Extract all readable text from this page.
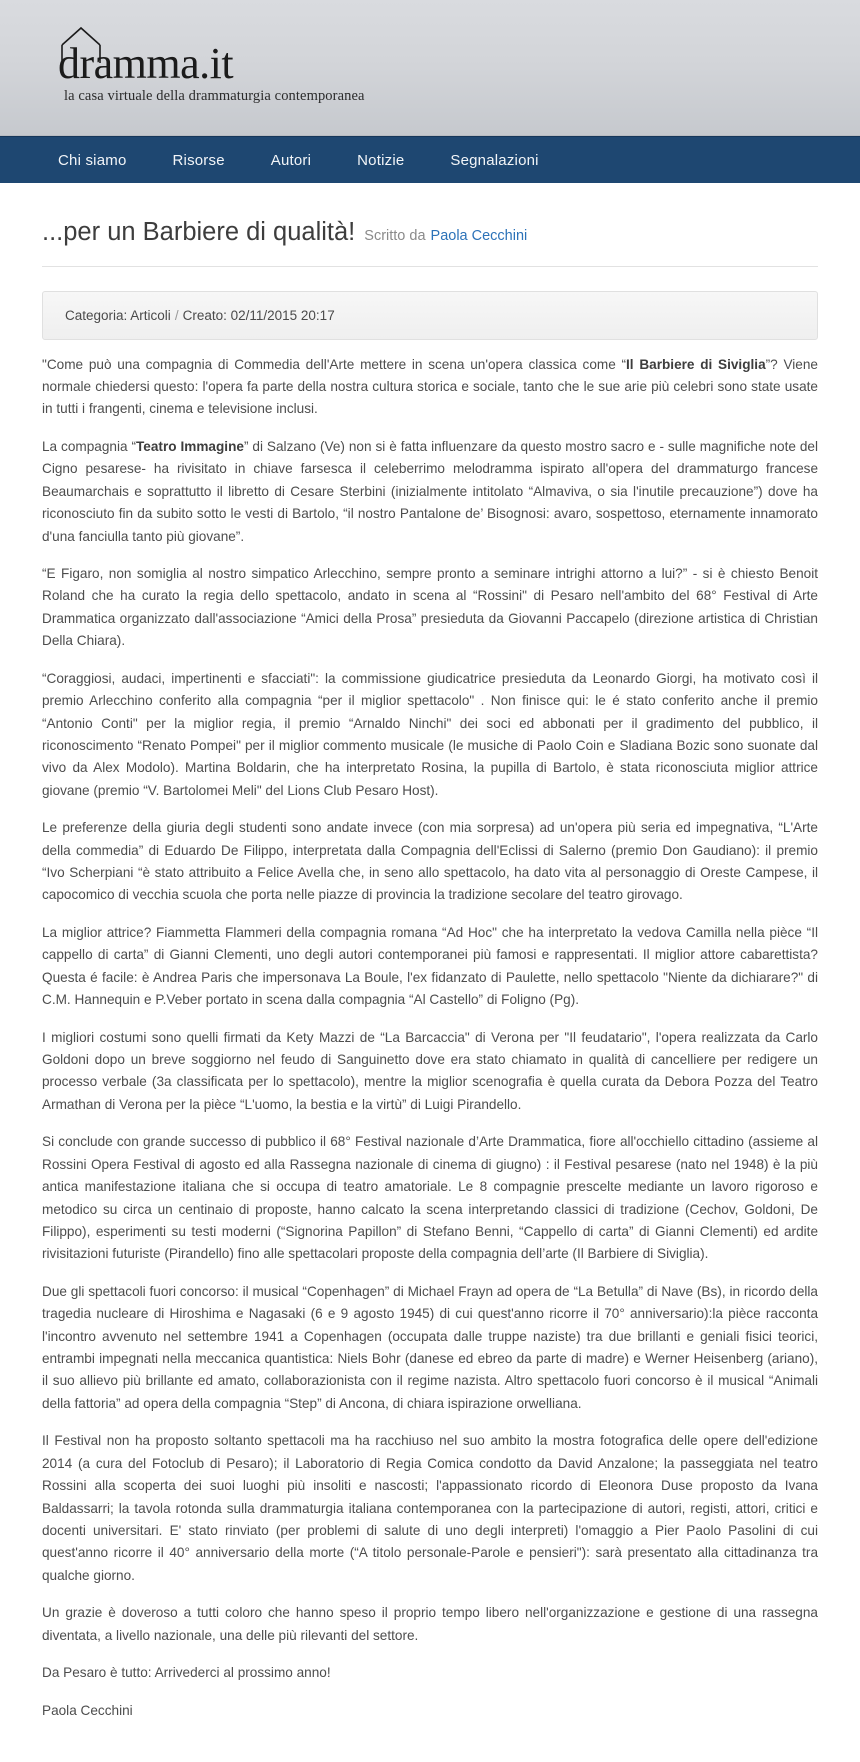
dramma.it
la casa virtuale della drammaturgia contemporanea
Chi siamo	Risorse	Autori	Notizie	Segnalazioni
...per un Barbiere di qualità! Scritto da Paola Cecchini
Categoria: Articoli / Creato: 02/11/2015 20:17

"Come può una compagnia di Commedia dell'Arte mettere in scena un'opera classica come “Il Barbiere di Siviglia”? Viene normale chiedersi questo: l'opera fa parte della nostra cultura storica e sociale, tanto che le sue arie più celebri sono state usate in tutti i frangenti, cinema e televisione inclusi.

La compagnia “Teatro Immagine” di Salzano (Ve) non si è fatta influenzare da questo mostro sacro e - sulle magnifiche note del Cigno pesarese- ha rivisitato in chiave farsesca il celeberrimo melodramma ispirato all'opera del drammaturgo francese Beaumarchais e soprattutto il libretto di Cesare Sterbini (inizialmente intitolato “Almaviva, o sia l'inutile precauzione”) dove ha riconosciuto fin da subito sotto le vesti di Bartolo, “il nostro Pantalone de’ Bisognosi: avaro, sospettoso, eternamente innamorato d'una fanciulla tanto più giovane”.

“E Figaro, non somiglia al nostro simpatico Arlecchino, sempre pronto a seminare intrighi attorno a lui?” - si è chiesto Benoit Roland che ha curato la regia dello spettacolo, andato in scena al “Rossini" di Pesaro nell'ambito del 68° Festival di Arte Drammatica organizzato dall'associazione “Amici della Prosa” presieduta da Giovanni Paccapelo (direzione artistica di Christian Della Chiara).

“Coraggiosi, audaci, impertinenti e sfacciati": la commissione giudicatrice presieduta da Leonardo Giorgi, ha motivato così il premio Arlecchino conferito alla compagnia “per il miglior spettacolo" . Non finisce qui: le é stato conferito anche il premio “Antonio Conti" per la miglior regia, il premio “Arnaldo Ninchi" dei soci ed abbonati per il gradimento del pubblico, il riconoscimento “Renato Pompei" per il miglior commento musicale (le musiche di Paolo Coin e Sladiana Bozic sono suonate dal vivo da Alex Modolo). Martina Boldarin, che ha interpretato Rosina, la pupilla di Bartolo, è stata riconosciuta miglior attrice giovane (premio “V. Bartolomei Meli" del Lions Club Pesaro Host).

Le preferenze della giuria degli studenti sono andate invece (con mia sorpresa) ad un'opera più seria ed impegnativa, “L'Arte della commedia” di Eduardo De Filippo, interpretata dalla Compagnia dell'Eclissi di Salerno (premio Don Gaudiano): il premio “Ivo Scherpiani “è stato attribuito a Felice Avella che, in seno allo spettacolo, ha dato vita al personaggio di Oreste Campese, il capocomico di vecchia scuola che porta nelle piazze di provincia la tradizione secolare del teatro girovago.

La miglior attrice? Fiammetta Flammeri della compagnia romana “Ad Hoc" che ha interpretato la vedova Camilla nella pièce “Il cappello di carta” di Gianni Clementi, uno degli autori contemporanei più famosi e rappresentati. Il miglior attore cabarettista? Questa é facile: è Andrea Paris che impersonava La Boule, l'ex fidanzato di Paulette, nello spettacolo "Niente da dichiarare?" di C.M. Hannequin e P.Veber portato in scena dalla compagnia “Al Castello” di Foligno (Pg).

I migliori costumi sono quelli firmati da Kety Mazzi de “La Barcaccia" di Verona per "Il feudatario", l'opera realizzata da Carlo Goldoni dopo un breve soggiorno nel feudo di Sanguinetto dove era stato chiamato in qualità di cancelliere per redigere un processo verbale (3a classificata per lo spettacolo), mentre la miglior scenografia è quella curata da Debora Pozza del Teatro Armathan di Verona per la pièce “L'uomo, la bestia e la virtù” di Luigi Pirandello.

Si conclude con grande successo di pubblico il 68° Festival nazionale d’Arte Drammatica, fiore all'occhiello cittadino (assieme al Rossini Opera Festival di agosto ed alla Rassegna nazionale di cinema di giugno) : il Festival pesarese (nato nel 1948) è la più antica manifestazione italiana che si occupa di teatro amatoriale. Le 8 compagnie prescelte mediante un lavoro rigoroso e metodico su circa un centinaio di proposte, hanno calcato la scena interpretando classici di tradizione (Cechov, Goldoni, De Filippo), esperimenti su testi moderni (“Signorina Papillon” di Stefano Benni, “Cappello di carta” di Gianni Clementi) ed ardite rivisitazioni futuriste (Pirandello) fino alle spettacolari proposte della compagnia dell’arte (Il Barbiere di Siviglia).

Due gli spettacoli fuori concorso: il musical “Copenhagen” di Michael Frayn ad opera de “La Betulla” di Nave (Bs), in ricordo della tragedia nucleare di Hiroshima e Nagasaki (6 e 9 agosto 1945) di cui quest'anno ricorre il 70° anniversario):la pièce racconta l'incontro avvenuto nel settembre 1941 a Copenhagen (occupata dalle truppe naziste) tra due brillanti e geniali fisici teorici, entrambi impegnati nella meccanica quantistica: Niels Bohr (danese ed ebreo da parte di madre) e Werner Heisenberg (ariano), il suo allievo più brillante ed amato, collaborazionista con il regime nazista. Altro spettacolo fuori concorso è il musical “Animali della fattoria” ad opera della compagnia “Step” di Ancona, di chiara ispirazione orwelliana.

Il Festival non ha proposto soltanto spettacoli ma ha racchiuso nel suo ambito la mostra fotografica delle opere dell'edizione 2014 (a cura del Fotoclub di Pesaro); il Laboratorio di Regia Comica condotto da David Anzalone; la passeggiata nel teatro Rossini alla scoperta dei suoi luoghi più insoliti e nascosti; l'appassionato ricordo di Eleonora Duse proposto da Ivana Baldassarri; la tavola rotonda sulla drammaturgia italiana contemporanea con la partecipazione di autori, registi, attori, critici e docenti universitari. E' stato rinviato (per problemi di salute di uno degli interpreti) l'omaggio a Pier Paolo Pasolini di cui quest'anno ricorre il 40° anniversario della morte (“A titolo personale-Parole e pensieri"): sarà presentato alla cittadinanza tra qualche giorno.

Un grazie è doveroso a tutti coloro che hanno speso il proprio tempo libero nell'organizzazione e gestione di una rassegna diventata, a livello nazionale, una delle più rilevanti del settore.

Da Pesaro è tutto: Arrivederci al prossimo anno!

Paola Cecchini
